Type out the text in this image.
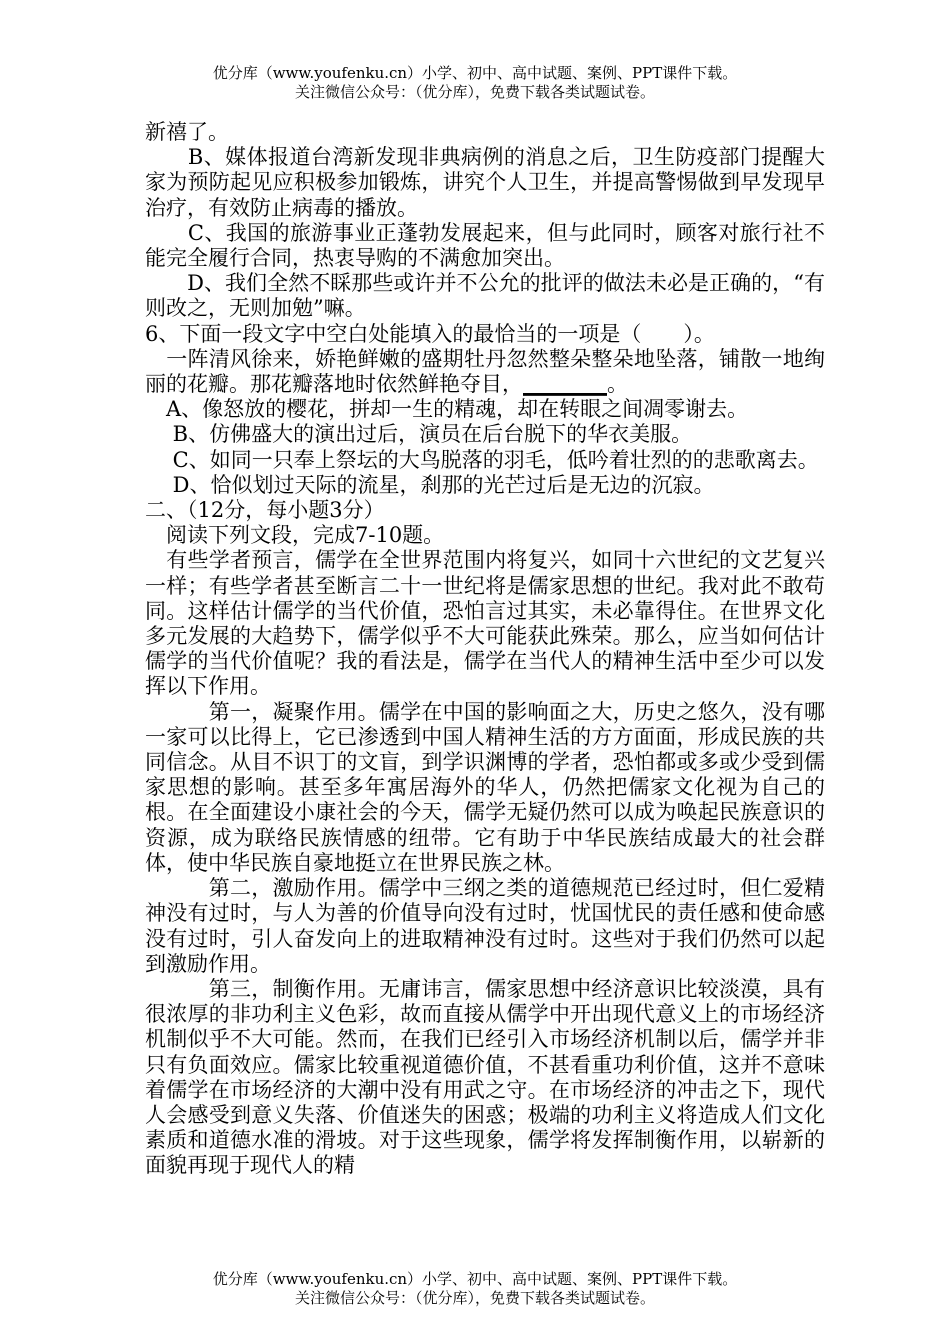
优分库（www.youfenku.cn）小学、初中、高中试题、案例、PPT课件下载。
关注微信公众号：（优分库），免费下载各类试题试卷。

新禧了。

　　B、媒体报道台湾新发现非典病例的消息之后，卫生防疫部门提醒大家为预防起见应积极参加锻炼，讲究个人卫生，并提高警惕做到早发现早治疗，有效防止病毒的播放。

　　C、我国的旅游事业正蓬勃发展起来，但与此同时，顾客对旅行社不能完全履行合同，热衷导购的不满愈加突出。

　　D、我们全然不睬那些或许并不公允的批评的做法未必是正确的，“有则改之，无则加勉”嘛。

6、下面一段文字中空白处能填入的最恰当的一项是（　　）。

　一阵清风徐来，娇艳鲜嫩的盛期牡丹忽然整朵整朵地坠落，铺散一地绚丽的花瓣。那花瓣落地时依然鲜艳夺目，________。

　A、像怒放的樱花，拼却一生的精魂，却在转眼之间凋零谢去。

　 B、仿佛盛大的演出过后，演员在后台脱下的华衣美服。

　 C、如同一只奉上祭坛的大鸟脱落的羽毛，低吟着壮烈的的悲歌离去。

　 D、恰似划过天际的流星，刹那的光芒过后是无边的沉寂。

二、（12分，每小题3分）

　阅读下列文段，完成7-10题。

　有些学者预言，儒学在全世界范围内将复兴，如同十六世纪的文艺复兴一样；有些学者甚至断言二十一世纪将是儒家思想的世纪。我对此不敢苟同。这样估计儒学的当代价值，恐怕言过其实，未必靠得住。在世界文化多元发展的大趋势下，儒学似乎不大可能获此殊荣。那么，应当如何估计儒学的当代价值呢？我的看法是，儒学在当代人的精神生活中至少可以发挥以下作用。

　　　第一，凝聚作用。儒学在中国的影响面之大，历史之悠久，没有哪一家可以比得上，它已渗透到中国人精神生活的方方面面，形成民族的共同信念。从目不识丁的文盲，到学识渊博的学者，恐怕都或多或少受到儒家思想的影响。甚至多年寓居海外的华人，仍然把儒家文化视为自己的根。在全面建设小康社会的今天，儒学无疑仍然可以成为唤起民族意识的资源，成为联络民族情感的纽带。它有助于中华民族结成最大的社会群体，使中华民族自豪地挺立在世界民族之林。

　　　第二，激励作用。儒学中三纲之类的道德规范已经过时，但仁爱精神没有过时，与人为善的价值导向没有过时，忧国忧民的责任感和使命感没有过时，引人奋发向上的进取精神没有过时。这些对于我们仍然可以起到激励作用。

　　　第三，制衡作用。无庸讳言，儒家思想中经济意识比较淡漠，具有很浓厚的非功利主义色彩，故而直接从儒学中开出现代意义上的市场经济机制似乎不大可能。然而，在我们已经引入市场经济机制以后，儒学并非只有负面效应。儒家比较重视道德价值，不甚看重功利价值，这并不意味着儒学在市场经济的大潮中没有用武之守。在市场经济的冲击之下，现代人会感受到意义失落、价值迷失的困惑；极端的功利主义将造成人们文化素质和道德水准的滑坡。对于这些现象，儒学将发挥制衡作用，以崭新的面貌再现于现代人的精

优分库（www.youfenku.cn）小学、初中、高中试题、案例、PPT课件下载。
关注微信公众号：（优分库），免费下载各类试题试卷。
